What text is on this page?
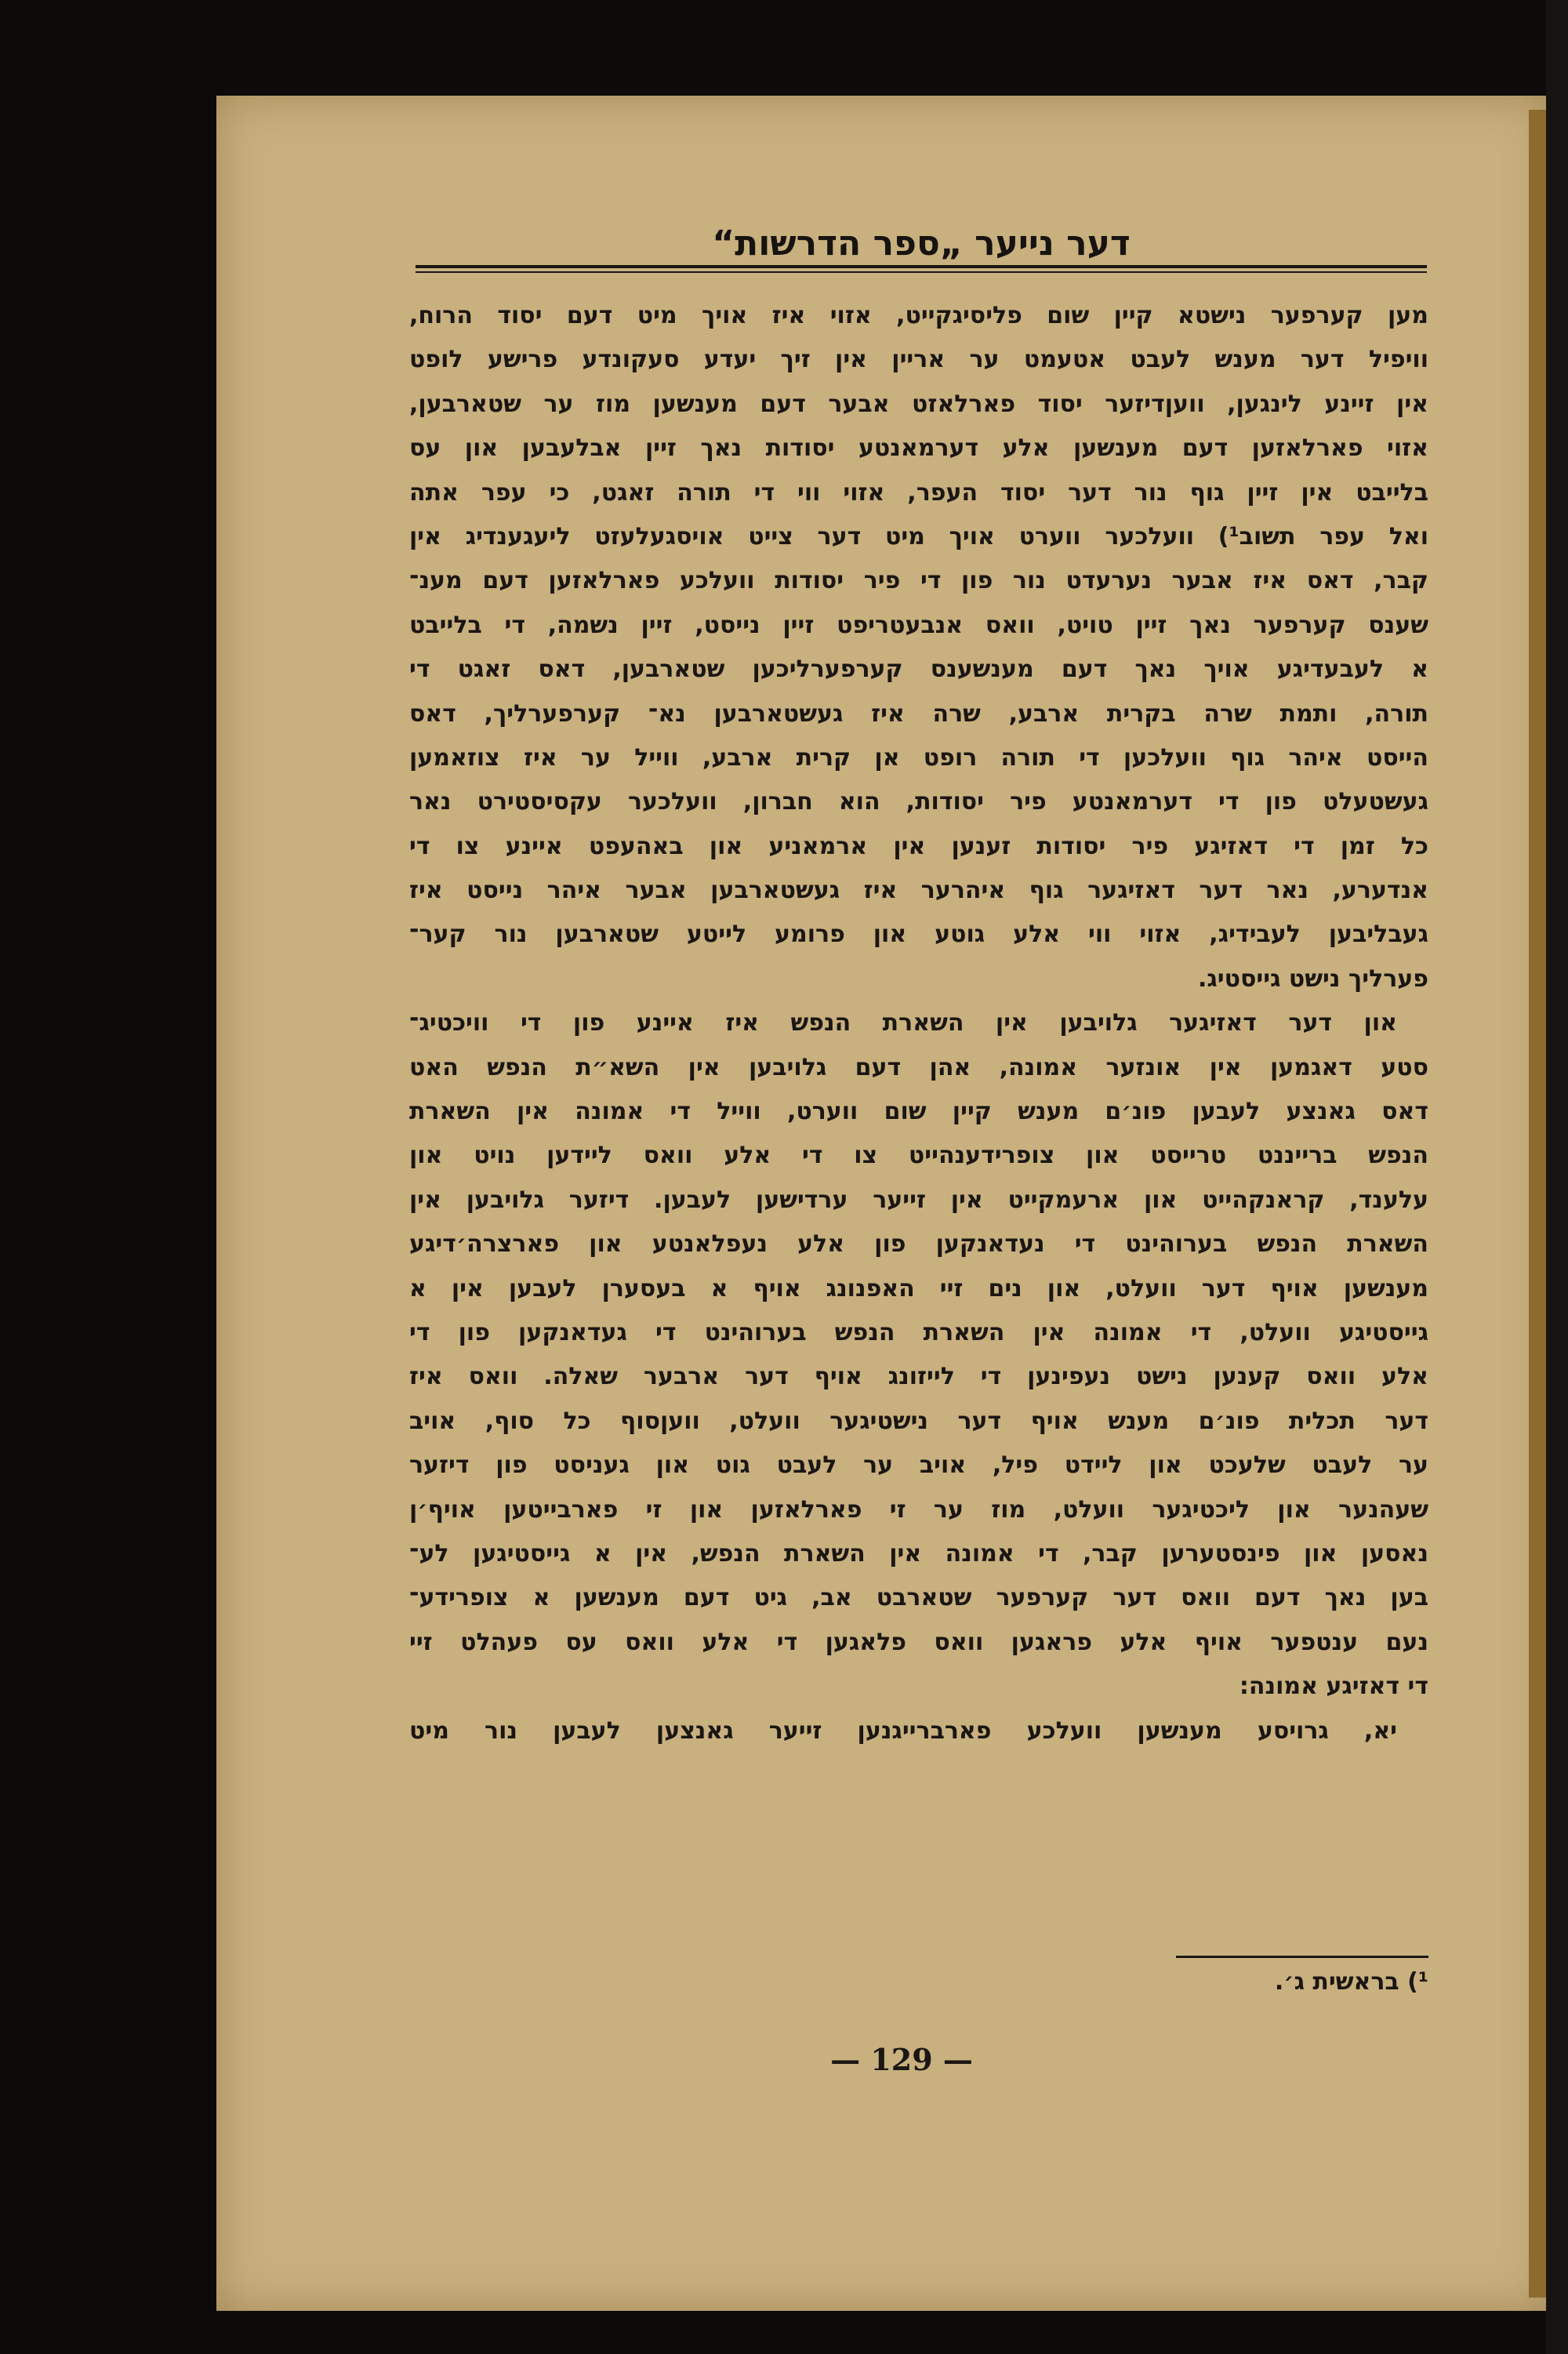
דער נייער „ספר הדרשות“
מען קערפער נישטא קיין שום פליסיגקייט, אזוי איז אויך מיט דעם יסוד הרוח,
וויפיל דער מענש לעבט אטעמט ער אריין אין זיך יעדע סעקונדע פרישע לופט
אין זיינע לינגען, וועןדיזער יסוד פארלאזט אבער דעם מענשען מוז ער שטארבען,
אזוי פארלאזען דעם מענשען אלע דערמאנטע יסודות נאך זיין אבלעבען און עס
בלייבט אין זיין גוף נור דער יסוד העפר, אזוי ווי די תורה זאגט, כי עפר אתה
ואל עפר תשוב¹) וועלכער ווערט אויך מיט דער צייט אויסגעלעזט ליעגענדיג אין
קבר, דאס איז אבער נערעדט נור פון די פיר יסודות וועלכע פארלאזען דעם מענ־
שענס קערפער נאך זיין טויט, וואס אנבעטריפט זיין נייסט, זיין נשמה, די בלייבט
א לעבעדיגע אויך נאך דעם מענשענס קערפערליכען שטארבען, דאס זאגט די
תורה, ותמת שרה בקרית ארבע, שרה איז געשטארבען נא־ קערפערליך, דאס
הייסט איהר גוף וועלכען די תורה רופט אן קרית ארבע, ווייל ער איז צוזאמען
געשטעלט פון די דערמאנטע פיר יסודות, הוא חברון, וועלכער עקסיסטירט נאר
כל זמן די דאזיגע פיר יסודות זענען אין ארמאניע און באהעפט איינע צו די
אנדערע, נאר דער דאזיגער גוף איהרער איז געשטארבען אבער איהר נייסט איז
געבליבען לעבידיג, אזוי ווי אלע גוטע און פרומע לייטע שטארבען נור קער־
פערליך נישט גייסטיג.
און דער דאזיגער גלויבען אין השארת הנפש איז איינע פון די וויכטיג־
סטע דאגמען אין אונזער אמונה, אהן דעם גלויבען אין השא״ת הנפש האט
דאס גאנצע לעבען פונ׳ם מענש קיין שום ווערט, ווייל די אמונה אין השארת
הנפש ברייננט טרייסט און צופרידענהייט צו די אלע וואס ליידען נויט און
עלענד, קראנקהייט און ארעמקייט אין זייער ערדישען לעבען. דיזער גלויבען אין
השארת הנפש בערוהינט די נעדאנקען פון אלע נעפלאנטע און פארצרה׳דיגע
מענשען אויף דער וועלט, און נים זיי האפנונג אויף א בעסערן לעבען אין א
גייסטיגע וועלט, די אמונה אין השארת הנפש בערוהינט די געדאנקען פון די
אלע וואס קענען נישט נעפינען די לייזונג אויף דער ארבער שאלה. וואס איז
דער תכלית פונ׳ם מענש אויף דער נישטיגער וועלט, וועןסוף כל סוף, אויב
ער לעבט שלעכט און ליידט פיל, אויב ער לעבט גוט און געניסט פון דיזער
שעהנער און ליכטיגער וועלט, מוז ער זי פארלאזען און זי פארבייטען אויף׳ן
נאסען און פינסטערען קבר, די אמונה אין השארת הנפש, אין א גייסטיגען לע־
בען נאך דעם וואס דער קערפער שטארבט אב, גיט דעם מענשען א צופרידע־
נעם ענטפער אויף אלע פראגען וואס פלאגען די אלע וואס עס פעהלט זיי
די דאזיגע אמונה:
יא, גרויסע מענשען וועלכע פארברייגנען זייער גאנצען לעבען נור מיט
¹) בראשית ג׳.
— 129 —
